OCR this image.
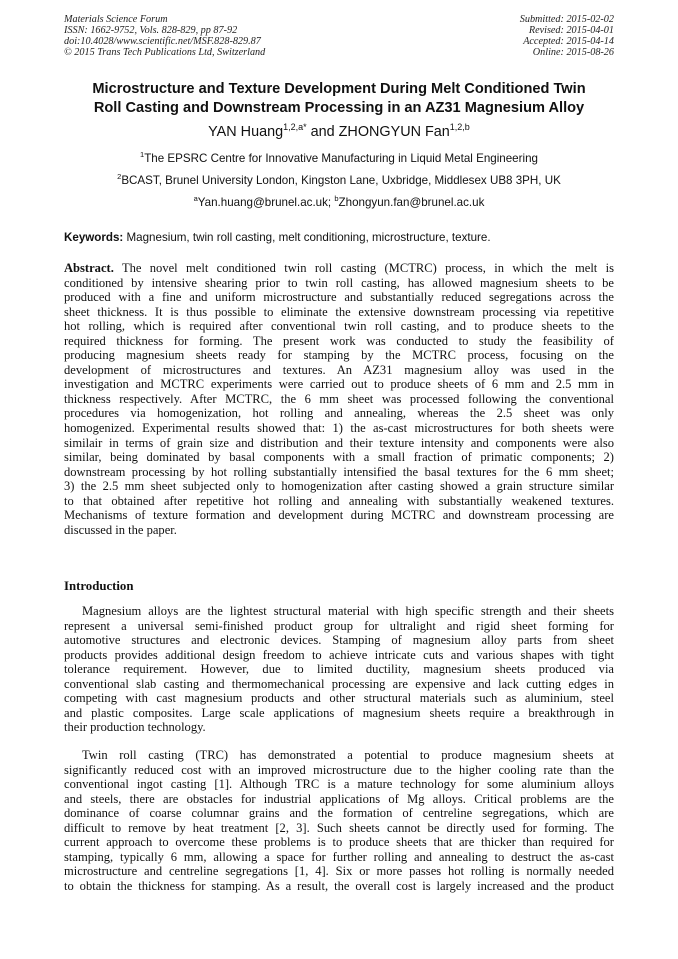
Materials Science Forum
ISSN: 1662-9752, Vols. 828-829, pp 87-92
doi:10.4028/www.scientific.net/MSF.828-829.87
© 2015 Trans Tech Publications Ltd, Switzerland
Submitted: 2015-02-02
Revised: 2015-04-01
Accepted: 2015-04-14
Online: 2015-08-26
Microstructure and Texture Development During Melt Conditioned Twin
Roll Casting and Downstream Processing in an AZ31 Magnesium Alloy
YAN Huang$^{1,2,a*}$ and ZHONGYUN Fan$^{1,2,b}$
$^1$The EPSRC Centre for Innovative Manufacturing in Liquid Metal Engineering
$^2$BCAST, Brunel University London, Kingston Lane, Uxbridge, Middlesex UB8 3PH, UK
$^a$Yan.huang@brunel.ac.uk; $^b$Zhongyun.fan@brunel.ac.uk
Keywords: Magnesium, twin roll casting, melt conditioning, microstructure, texture.
Abstract. The novel melt conditioned twin roll casting (MCTRC) process, in which the melt is
conditioned by intensive shearing prior to twin roll casting, has allowed magnesium sheets to be
produced with a fine and uniform microstructure and substantially reduced segregations across the
sheet thickness. It is thus possible to eliminate the extensive downstream processing via repetitive
hot rolling, which is required after conventional twin roll casting, and to produce sheets to the
required thickness for forming. The present work was conducted to study the feasibility of
producing magnesium sheets ready for stamping by the MCTRC process, focusing on the
development of microstructures and textures. An AZ31 magnesium alloy was used in the
investigation and MCTRC experiments were carried out to produce sheets of 6 mm and 2.5 mm in
thickness respectively. After MCTRC, the 6 mm sheet was processed following the conventional
procedures via homogenization, hot rolling and annealing, whereas the 2.5 sheet was only
homogenized. Experimental results showed that: 1) the as-cast microstructures for both sheets were
similair in terms of grain size and distribution and their texture intensity and components were also
similar, being dominated by basal components with a small fraction of primatic components; 2)
downstream processing by hot rolling substantially intensified the basal textures for the 6 mm sheet;
3) the 2.5 mm sheet subjected only to homogenization after casting showed a grain structure similar
to that obtained after repetitive hot rolling and annealing with substantially weakened textures.
Mechanisms of texture formation and development during MCTRC and downstream processing are
discussed in the paper.
Introduction
Magnesium alloys are the lightest structural material with high specific strength and their sheets
represent a universal semi-finished product group for ultralight and rigid sheet forming for
automotive structures and electronic devices. Stamping of magnesium alloy parts from sheet
products provides additional design freedom to achieve intricate cuts and various shapes with tight
tolerance requirement. However, due to limited ductility, magnesium sheets produced via
conventional slab casting and thermomechanical processing are expensive and lack cutting edges in
competing with cast magnesium products and other structural materials such as aluminium, steel
and plastic composites. Large scale applications of magnesium sheets require a breakthrough in
their production technology.
Twin roll casting (TRC) has demonstrated a potential to produce magnesium sheets at
significantly reduced cost with an improved microstructure due to the higher cooling rate than the
conventional ingot casting [1]. Although TRC is a mature technology for some aluminium alloys
and steels, there are obstacles for industrial applications of Mg alloys. Critical problems are the
dominance of coarse columnar grains and the formation of centreline segregations, which are
difficult to remove by heat treatment [2, 3]. Such sheets cannot be directly used for forming. The
current approach to overcome these problems is to produce sheets that are thicker than required for
stamping, typically 6 mm, allowing a space for further rolling and annealing to destruct the as-cast
microstructure and centreline segregations [1, 4]. Six or more passes hot rolling is normally needed
to obtain the thickness for stamping. As a result, the overall cost is largely increased and the product
